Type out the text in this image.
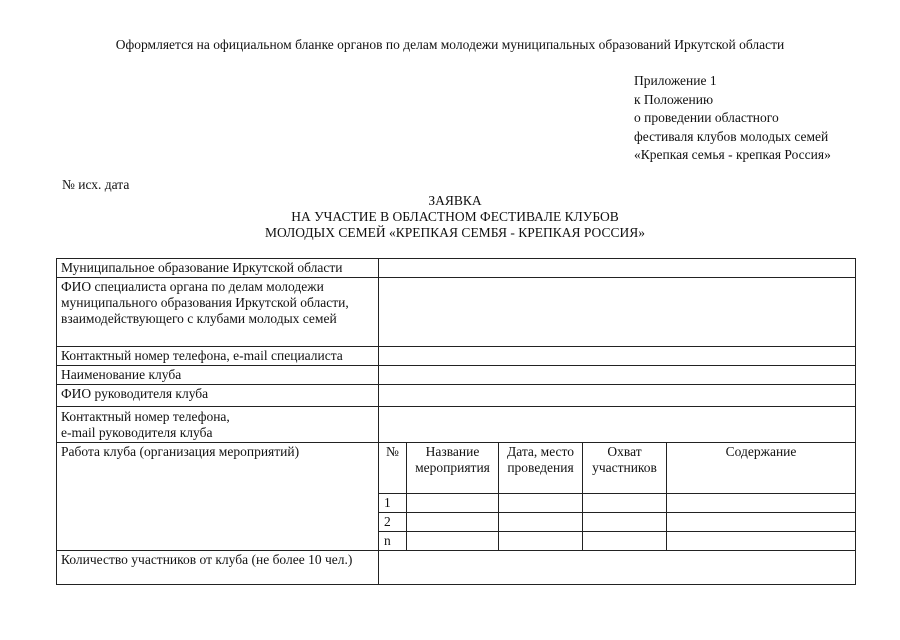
Оформляется на официальном бланке органов по делам молодежи муниципальных образований Иркутской области
Приложение 1
к Положению
о проведении областного
фестиваля клубов молодых семей
«Крепкая семья - крепкая Россия»
№ исх. дата
ЗАЯВКА
НА УЧАСТИЕ В ОБЛАСТНОМ ФЕСТИВАЛЕ КЛУБОВ
МОЛОДЫХ СЕМЕЙ «КРЕПКАЯ СЕМБЯ - КРЕПКАЯ РОССИЯ»
Муниципальное образование Иркутской области					
ФИО специалиста органа по делам молодежи муниципального образования Иркутской области, взаимодействующего с клубами молодых семей					
Контактный номер телефона, e-mail специалиста					
Наименование клуба					
ФИО руководителя клуба					

Контактный номер телефона,
e-mail руководителя клуба					

Работа клуба (организация мероприятий)	№	Название мероприятия	Дата, место проведения	Охват участников	Содержание
	1				
	2				
	n				
Количество участников от клуба (не более 10 чел.)					
